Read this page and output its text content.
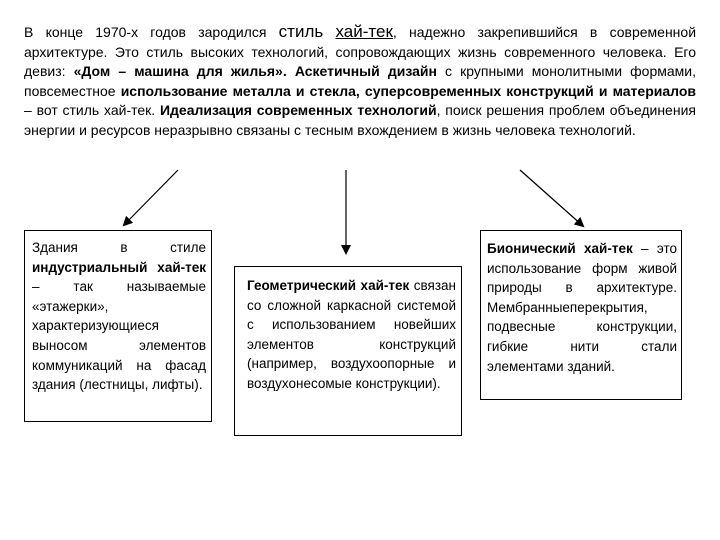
В конце 1970-х годов зародился стиль хай-тек, надежно закрепившийся в современной архитектуре. Это стиль высоких технологий, сопровождающих жизнь современного человека. Его девиз: «Дом – машина для жилья». Аскетичный дизайн с крупными монолитными формами, повсеместное использование металла и стекла, суперсовременных конструкций и материалов – вот стиль хай-тек. Идеализация современных технологий, поиск решения проблем объединения энергии и ресурсов неразрывно связаны с тесным вхождением в жизнь человека технологий.
Здания в стиле индустриальный хай-тек – так называемые «этажерки», характеризующиеся выносом элементов коммуникаций на фасад здания (лестницы, лифты).
Геометрический хай-тек связан со сложной каркасной системой с использованием новейших элементов конструкций (например, воздухоопорные и воздухонесомые конструкции).
Бионический хай-тек – это использование форм живой природы в архитектуре. Мембранныеперекрытия, подвесные конструкции, гибкие нити стали элементами зданий.
